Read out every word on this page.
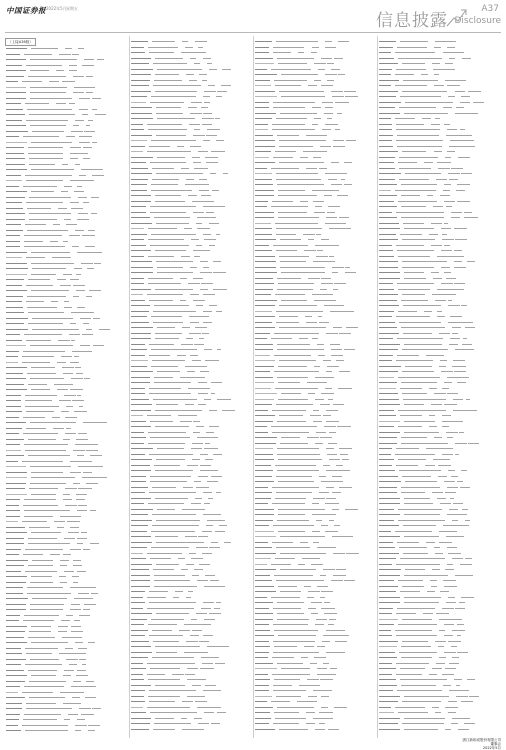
中国证券报 2022年5月 星期五
信息披露
A37
Disclosure
（上接A36版）
浙江新和成股份有限公司
董事会
2022年5月
